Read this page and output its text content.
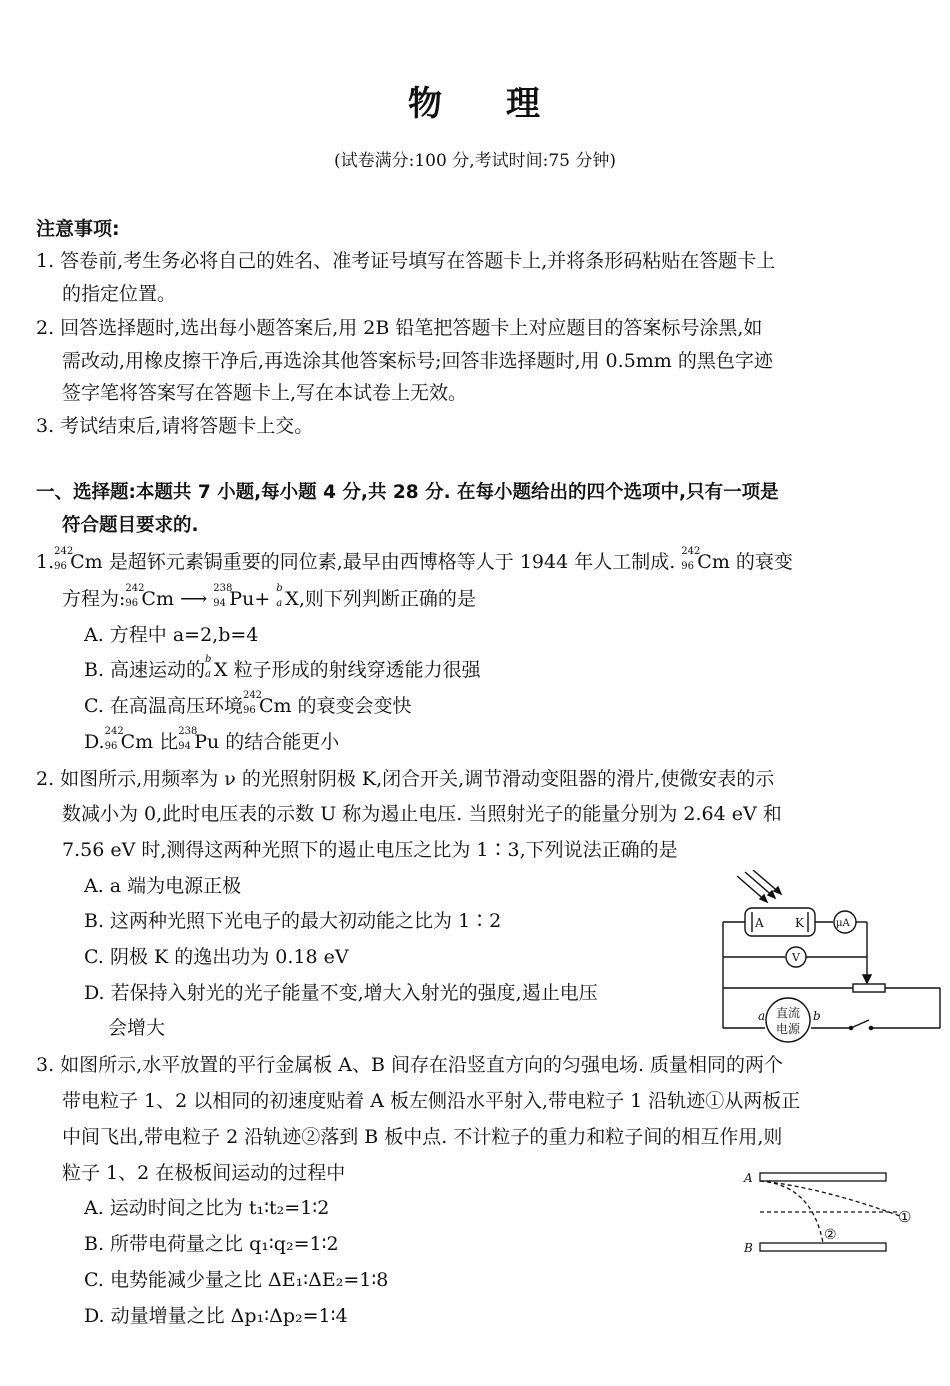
物 理
(试卷满分:100 分,考试时间:75 分钟)
注意事项:
1. 答卷前,考生务必将自己的姓名、准考证号填写在答题卡上,并将条形码粘贴在答题卡上
的指定位置。
2. 回答选择题时,选出每小题答案后,用 2B 铅笔把答题卡上对应题目的答案标号涂黑,如
需改动,用橡皮擦干净后,再选涂其他答案标号;回答非选择题时,用 0.5mm 的黑色字迹
签字笔将答案写在答题卡上,写在本试卷上无效。
3. 考试结束后,请将答题卡上交。
一、选择题:本题共 7 小题,每小题 4 分,共 28 分. 在每小题给出的四个选项中,只有一项是
符合题目要求的.
1. 242
96 Cm 是超钚元素锔重要的同位素,最早由西博格等人于 1944 年人工制成. 242
96 Cm 的衰变
方程为: 242
96 Cm ⟶ 238
94 Pu+ b
a X,则下列判断正确的是
A. 方程中 a=2,b=4
B. 高速运动的 b
a X 粒子形成的射线穿透能力很强
C. 在高温高压环境 242
96 Cm 的衰变会变快
D. 242
96 Cm 比 238
94 Pu 的结合能更小
2. 如图所示,用频率为 ν 的光照射阴极 K,闭合开关,调节滑动变阻器的滑片,使微安表的示
数减小为 0,此时电压表的示数 U 称为遏止电压. 当照射光子的能量分别为 2.64 eV 和
7.56 eV 时,测得这两种光照下的遏止电压之比为 1∶3,下列说法正确的是
A. a 端为电源正极
B. 这两种光照下光电子的最大初动能之比为 1∶2
C. 阴极 K 的逸出功为 0.18 eV
D. 若保持入射光的光子能量不变,增大入射光的强度,遏止电压
会增大
A	K	μA
V
直流
电源
a	b
3. 如图所示,水平放置的平行金属板 A、B 间存在沿竖直方向的匀强电场. 质量相同的两个
带电粒子 1、2 以相同的初速度贴着 A 板左侧沿水平射入,带电粒子 1 沿轨迹①从两板正
中间飞出,带电粒子 2 沿轨迹②落到 B 板中点. 不计粒子的重力和粒子间的相互作用,则
粒子 1、2 在极板间运动的过程中
A. 运动时间之比为 t₁∶t₂=1∶2
B. 所带电荷量之比 q₁∶q₂=1∶2
C. 电势能减少量之比 ΔE₁∶ΔE₂=1∶8
D. 动量增量之比 Δp₁∶Δp₂=1∶4
A
B
①
②
